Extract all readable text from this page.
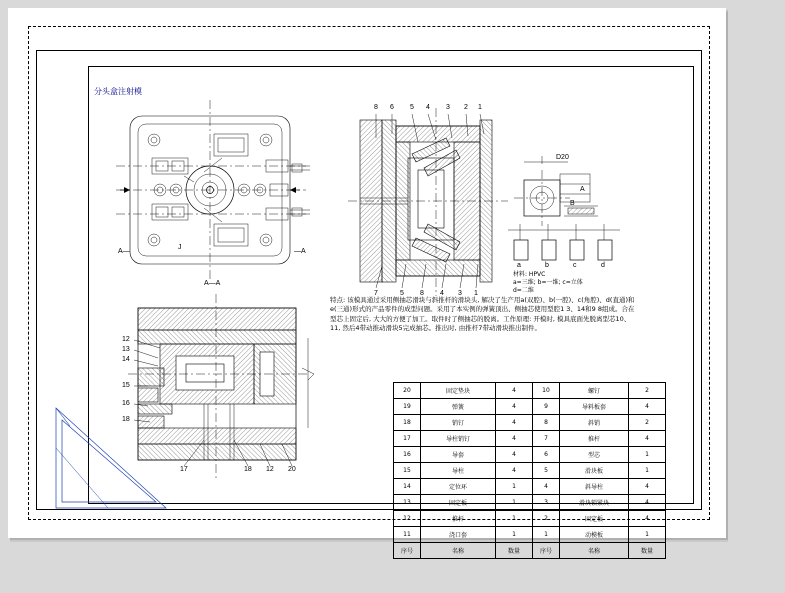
分头盒注射模
A—	—A
A—A
J
8 6 5 4 3 2 1
7	5 8 4 3 1
12
13
14
15
16
18
17	18 12 20
a	b	c	d
D20
B
A
材料: HPVC
a=三维; b=一维; c=立体
d=二维
特点: 该模具通过采用侧抽芯滑块与斜推杆的滑块头, 解决了生产用a(双腔)、b(一腔)、c(角腔)、d(直通)和e(三通)形式的产品零件的成型问题。采用了本实例的弹簧顶出、侧抽芯使用型腔1 3、14和9 8组成。合在型芯上固定后, 大大的方便了加工。取件时了侧抽芯的脱离。工作原理: 开模时, 模具底面先脱离型芯10、11, 然后4带动推动滑块5完成抽芯。推出时, 由推杆7带动滑块推出制件。
20	固定垫块	4	10	螺钉	2
19	弹簧	4	9	导料板套	4
18	销钉	4	8	斜销	2
17	导柱销钉	4	7	推杆	4
16	导套	4	6	型芯	1
15	导柱	4	5	滑块板	1
14	定位环	1	4	斜导柱	4
13	固定板	1	3	滑块锁紧块	4
12	推杆	1	2	固定板	4
11	浇口套	1	1	动模板	1
序号	名称	数量	序号	名称	数量
